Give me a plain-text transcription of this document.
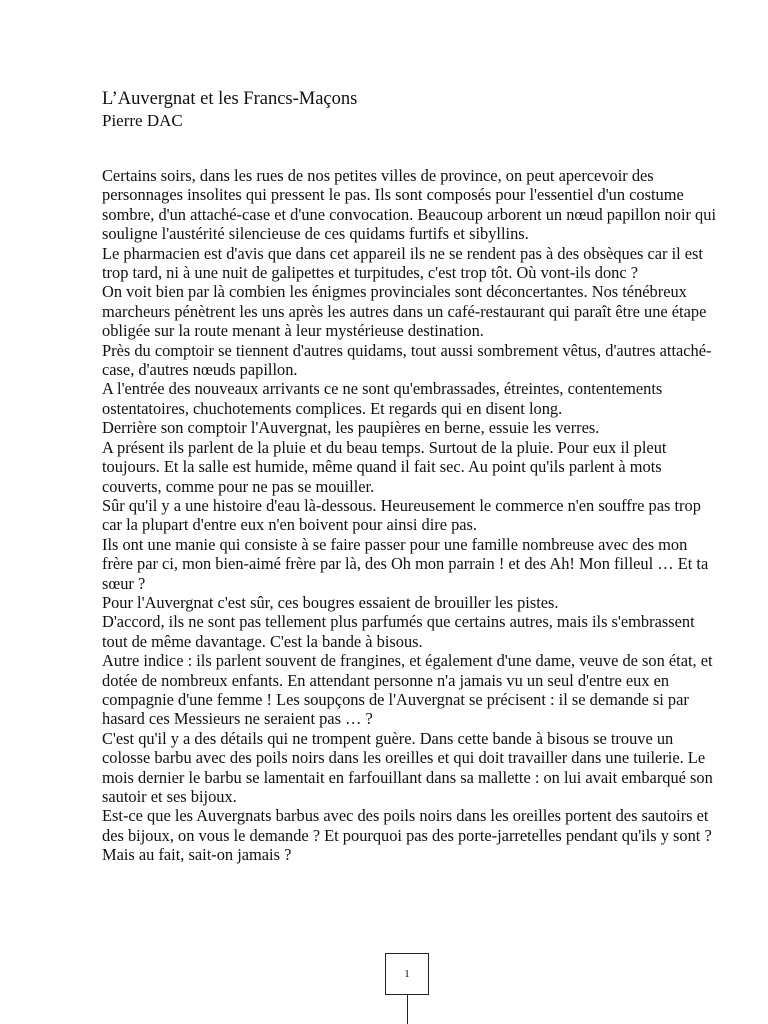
L’Auvergnat et les Francs-Maçons
Pierre DAC

Certains soirs, dans les rues de nos petites villes de province, on peut apercevoir des personnages insolites qui pressent le pas. Ils sont composés pour l'essentiel d'un costume sombre, d'un attaché-case et d'une convocation. Beaucoup arborent un nœud papillon noir qui souligne l'austérité silencieuse de ces quidams furtifs et sibyllins.

Le pharmacien est d'avis que dans cet appareil ils ne se rendent pas à des obsèques car il est trop tard, ni à une nuit de galipettes et turpitudes, c'est trop tôt. Où vont-ils donc ?

On voit bien par là combien les énigmes provinciales sont déconcertantes. Nos ténébreux marcheurs pénètrent les uns après les autres dans un café-restaurant qui paraît être une étape obligée sur la route menant à leur mystérieuse destination.

Près du comptoir se tiennent d'autres quidams, tout aussi sombrement vêtus, d'autres attaché-case, d'autres nœuds papillon.

A l'entrée des nouveaux arrivants ce ne sont qu'embrassades, étreintes, contentements ostentatoires, chuchotements complices. Et regards qui en disent long.

Derrière son comptoir l'Auvergnat, les paupières en berne, essuie les verres.

A présent ils parlent de la pluie et du beau temps. Surtout de la pluie. Pour eux il pleut toujours. Et la salle est humide, même quand il fait sec. Au point qu'ils parlent à mots couverts, comme pour ne pas se mouiller.

Sûr qu'il y a une histoire d'eau là-dessous. Heureusement le commerce n'en souffre pas trop car la plupart d'entre eux n'en boivent pour ainsi dire pas.

Ils ont une manie qui consiste à se faire passer pour une famille nombreuse avec des mon frère par ci, mon bien-aimé frère par là, des Oh mon parrain ! et des Ah! Mon filleul … Et ta sœur ?

Pour l'Auvergnat c'est sûr, ces bougres essaient de brouiller les pistes.

D'accord, ils ne sont pas tellement plus parfumés que certains autres, mais ils s'embrassent tout de même davantage. C'est la bande à bisous.

Autre indice : ils parlent souvent de frangines, et également d'une dame, veuve de son état, et dotée de nombreux enfants. En attendant personne n'a jamais vu un seul d'entre eux en compagnie d'une femme ! Les soupçons de l'Auvergnat se précisent : il se demande si par hasard ces Messieurs ne seraient pas … ?

C'est qu'il y a des détails qui ne trompent guère. Dans cette bande à bisous se trouve un colosse barbu avec des poils noirs dans les oreilles et qui doit travailler dans une tuilerie. Le mois dernier le barbu se lamentait en farfouillant dans sa mallette : on lui avait embarqué son sautoir et ses bijoux.

Est-ce que les Auvergnats barbus avec des poils noirs dans les oreilles portent des sautoirs et des bijoux, on vous le demande ? Et pourquoi pas des porte-jarretelles pendant qu'ils y sont ? Mais au fait, sait-on jamais ?

1
